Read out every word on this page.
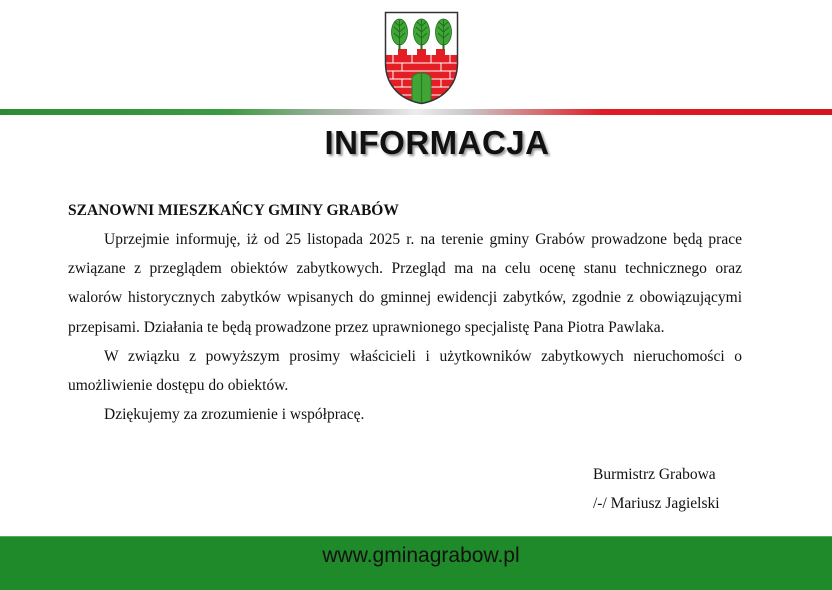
INFORMACJA

SZANOWNI MIESZKAŃCY GMINY GRABÓW

Uprzejmie informuję, iż od 25 listopada 2025 r. na terenie gminy Grabów prowadzone będą prace związane z przeglądem obiektów zabytkowych. Przegląd ma na celu ocenę stanu technicznego oraz walorów historycznych zabytków wpisanych do gminnej ewidencji zabytków, zgodnie z obowiązującymi przepisami. Działania te będą prowadzone przez uprawnionego specjalistę Pana Piotra Pawlaka.

W związku z powyższym prosimy właścicieli i użytkowników zabytkowych nieruchomości o umożliwienie dostępu do obiektów.

Dziękujemy za zrozumienie i współpracę.

Burmistrz Grabowa
/-/ Mariusz Jagielski
www.gminagrabow.pl
